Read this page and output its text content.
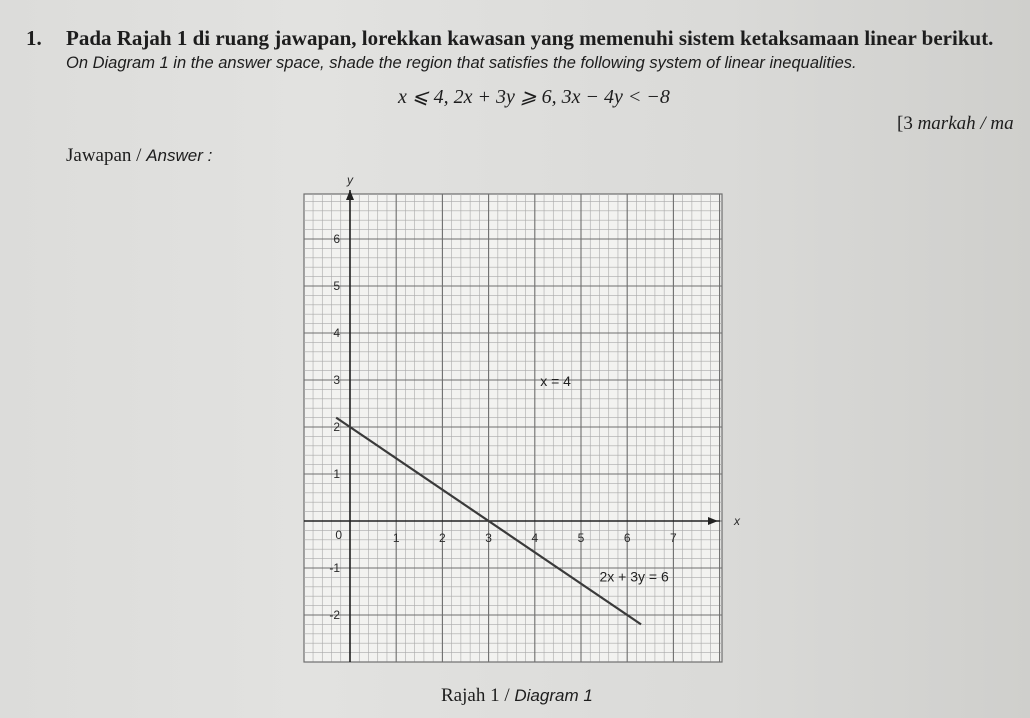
1. Pada Rajah 1 di ruang jawapan, lorekkan kawasan yang memenuhi sistem ketaksamaan linear berikut.
On Diagram 1 in the answer space, shade the region that satisfies the following system of linear inequalities.
x ⩽ 4, 2x + 3y ⩾ 6, 3x − 4y < −8
[3 markah / ma
Jawapan / Answer :
y
x
1	2	3	4	5	6	7
-2
-1
0
1
2
3
4
5
6
x = 4
2x + 3y = 6
Rajah 1 / Diagram 1
